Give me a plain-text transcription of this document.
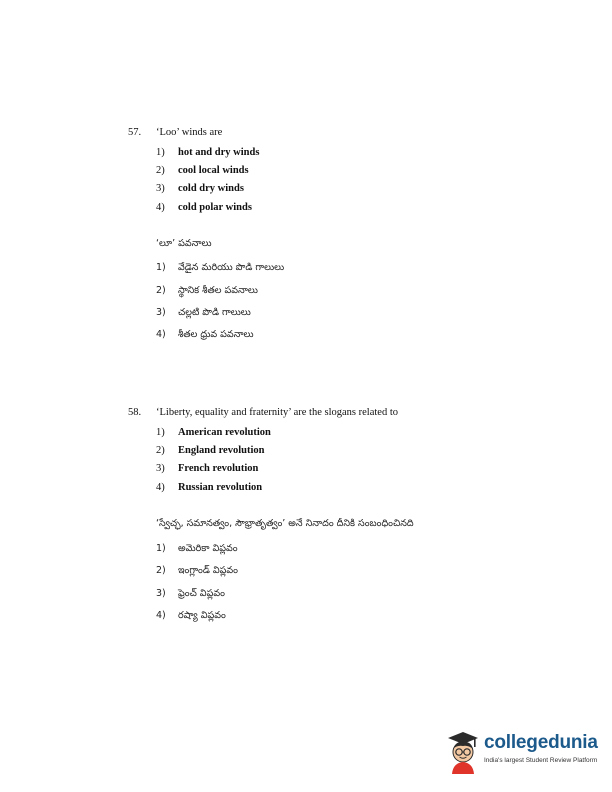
57. ‘Loo’ winds are
1) hot and dry winds
2) cool local winds
3) cold dry winds
4) cold polar winds
‘లూ’ పవనాలు
1) వేడైన మరియు పొడి గాలులు
2) స్థానిక శీతల పవనాలు
3) చల్లటి పొడి గాలులు
4) శీతల ధ్రువ పవనాలు
58. ‘Liberty, equality and fraternity’ are the slogans related to
1) American revolution
2) England revolution
3) French revolution
4) Russian revolution
‘స్వేచ్ఛ, సమానత్వం, సౌభ్రాతృత్వం’ అనే నినాదం దీనికి సంబంధించినది
1) అమెరికా విప్లవం
2) ఇంగ్లాండ్ విప్లవం
3) ఫ్రెంచ్ విప్లవం
4) రష్యా విప్లవం
collegedunia
India's largest Student Review Platform
